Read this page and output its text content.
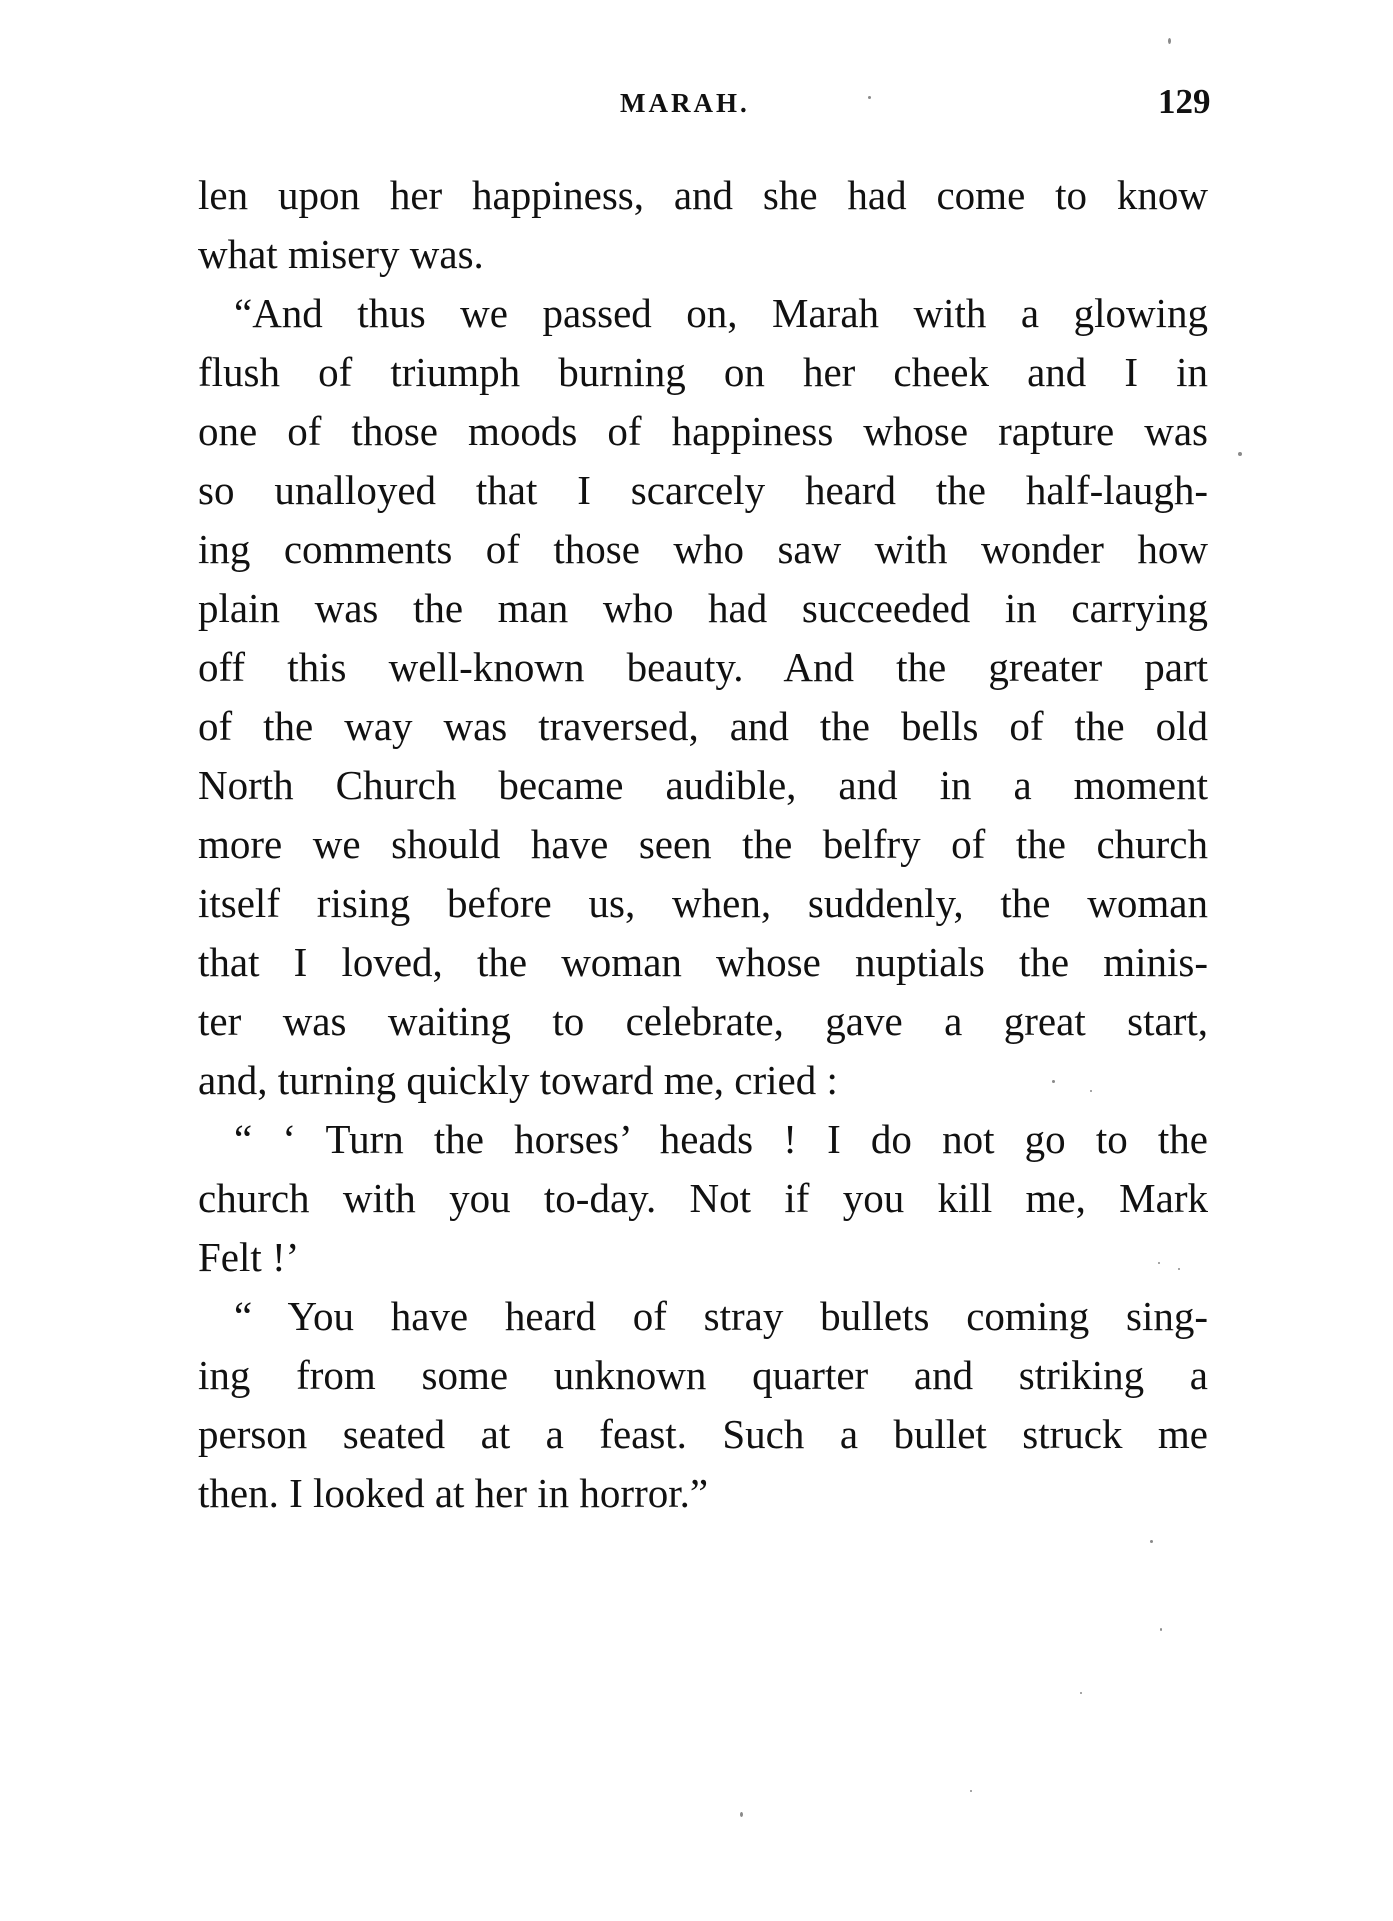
MARAH.	129
len upon her happiness, and she had come to know
what misery was.
“And thus we passed on, Marah with a glowing
flush of triumph burning on her cheek and I in
one of those moods of happiness whose rapture was
so unalloyed that I scarcely heard the half-laugh-
ing comments of those who saw with wonder how
plain was the man who had succeeded in carrying
off this well-known beauty. And the greater part
of the way was traversed, and the bells of the old
North Church became audible, and in a moment
more we should have seen the belfry of the church
itself rising before us, when, suddenly, the woman
that I loved, the woman whose nuptials the minis-
ter was waiting to celebrate, gave a great start,
and, turning quickly toward me, cried :
“ ‘ Turn the horses’ heads ! I do not go to the
church with you to-day. Not if you kill me, Mark
Felt !’
“ You have heard of stray bullets coming sing-
ing from some unknown quarter and striking a
person seated at a feast. Such a bullet struck me
then. I looked at her in horror.”
